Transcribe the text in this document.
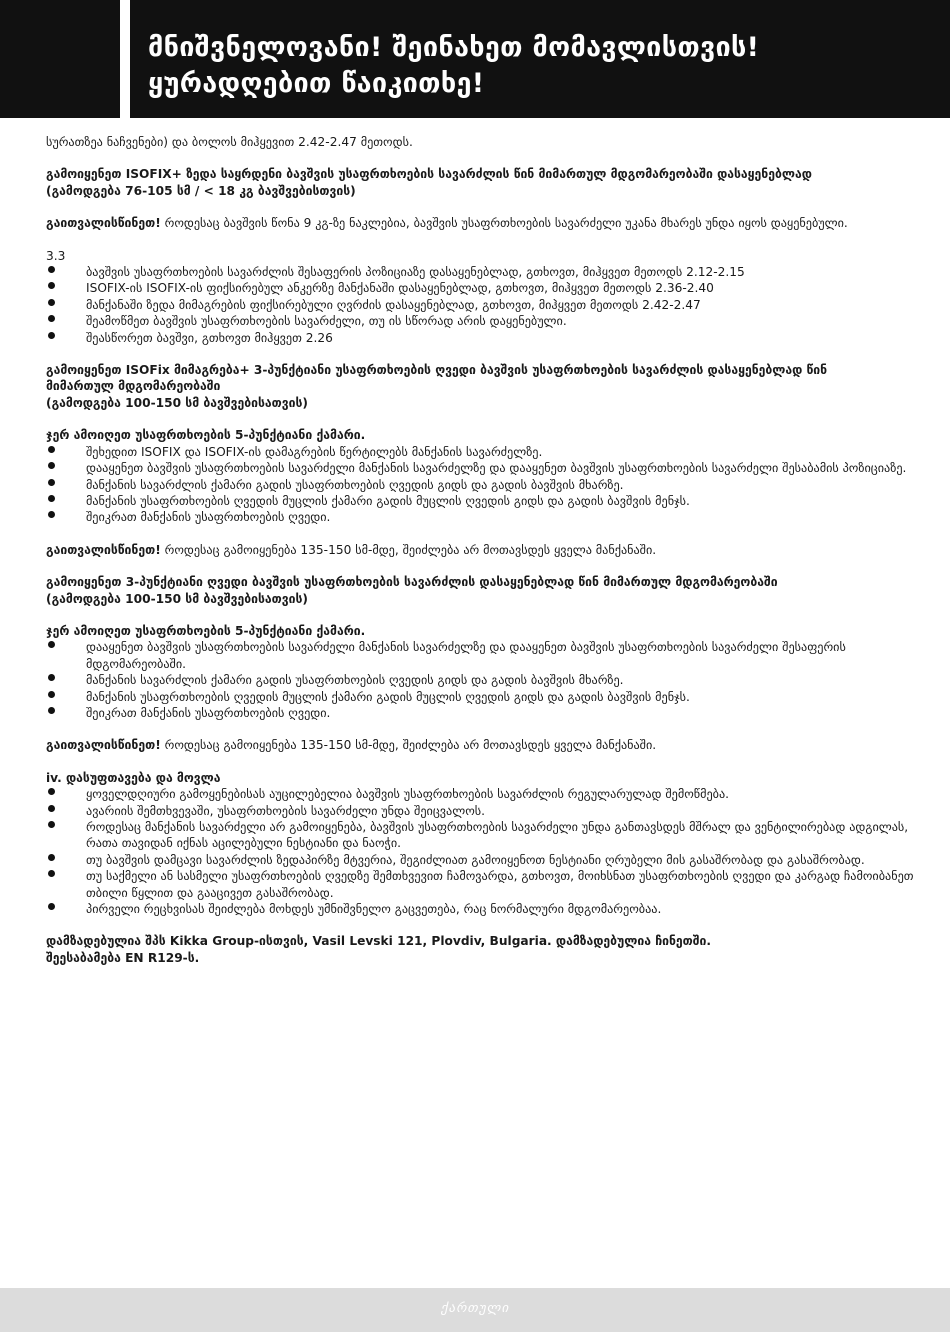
მნიშვნელოვანი! შეინახეთ მომავლისთვის!
ყურადღებით წაიკითხე!

სურათზეა ნაჩვენები) და ბოლოს მიჰყევით 2.42-2.47 მეთოდს.

გამოიყენეთ ISOFIX+ ზედა საყრდენი ბავშვის უსაფრთხოების სავარძლის წინ მიმართულ მდგომარეობაში დასაყენებლად
(გამოდგება 76-105 სმ / < 18 კგ ბავშვებისთვის)

გაითვალისწინეთ! როდესაც ბავშვის წონა 9 კგ-ზე ნაკლებია, ბავშვის უსაფრთხოების სავარძელი უკანა მხარეს უნდა იყოს დაყენებული.

3.3

ბავშვის უსაფრთხოების სავარძლის შესაფერის პოზიციაზე დასაყენებლად, გთხოვთ, მიჰყვეთ მეთოდს 2.12-2.15
ISOFIX-ის ISOFIX-ის ფიქსირებულ ანკერზე მანქანაში დასაყენებლად, გთხოვთ, მიჰყვეთ მეთოდს 2.36-2.40
მანქანაში ზედა მიმაგრების ფიქსირებული ღვრძის დასაყენებლად, გთხოვთ, მიჰყვეთ მეთოდს 2.42-2.47
შეამოწმეთ ბავშვის უსაფრთხოების სავარძელი, თუ ის სწორად არის დაყენებული.
შეასწორეთ ბავშვი, გთხოვთ მიჰყვეთ 2.26

გამოიყენეთ ISOFix მიმაგრება+ 3-პუნქტიანი უსაფრთხოების ღვედი ბავშვის უსაფრთხოების სავარძლის დასაყენებლად წინ
მიმართულ მდგომარეობაში
(გამოდგება 100-150 სმ ბავშვებისათვის)

ჯერ ამოიღეთ უსაფრთხოების 5-პუნქტიანი ქამარი.

შეხედით ISOFIX და ISOFIX-ის დამაგრების წერტილებს მანქანის სავარძელზე.
დააყენეთ ბავშვის უსაფრთხოების სავარძელი მანქანის სავარძელზე და დააყენეთ ბავშვის უსაფრთხოების სავარძელი შესაბამის პოზიციაზე.
მანქანის სავარძლის ქამარი გადის უსაფრთხოების ღვედის გიდს და გადის ბავშვის მხარზე.
მანქანის უსაფრთხოების ღვედის მუცლის ქამარი გადის მუცლის ღვედის გიდს და გადის ბავშვის მენჯს.
შეიკრათ მანქანის უსაფრთხოების ღვედი.

გაითვალისწინეთ! როდესაც გამოიყენება 135-150 სმ-მდე, შეიძლება არ მოთავსდეს ყველა მანქანაში.

გამოიყენეთ 3-პუნქტიანი ღვედი ბავშვის უსაფრთხოების სავარძლის დასაყენებლად წინ მიმართულ მდგომარეობაში
(გამოდგება 100-150 სმ ბავშვებისათვის)

ჯერ ამოიღეთ უსაფრთხოების 5-პუნქტიანი ქამარი.

დააყენეთ ბავშვის უსაფრთხოების სავარძელი მანქანის სავარძელზე და დააყენეთ ბავშვის უსაფრთხოების სავარძელი შესაფერის მდგომარეობაში.
მანქანის სავარძლის ქამარი გადის უსაფრთხოების ღვედის გიდს და გადის ბავშვის მხარზე.
მანქანის უსაფრთხოების ღვედის მუცლის ქამარი გადის მუცლის ღვედის გიდს და გადის ბავშვის მენჯს.
შეიკრათ მანქანის უსაფრთხოების ღვედი.

გაითვალისწინეთ! როდესაც გამოიყენება 135-150 სმ-მდე, შეიძლება არ მოთავსდეს ყველა მანქანაში.

iv. დასუფთავება და მოვლა

ყოველდღიური გამოყენებისას აუცილებელია ბავშვის უსაფრთხოების სავარძლის რეგულარულად შემოწმება.
ავარიის შემთხვევაში, უსაფრთხოების სავარძელი უნდა შეიცვალოს.
როდესაც მანქანის სავარძელი არ გამოიყენება, ბავშვის უსაფრთხოების სავარძელი უნდა განთავსდეს მშრალ და ვენტილირებად ადგილას, რათა თავიდან იქნას აცილებული ნესტიანი და ნაოჭი.
თუ ბავშვის დამცავი სავარძლის ზედაპირზე მტვერია, შეგიძლიათ გამოიყენოთ ნესტიანი ღრუბელი მის გასაშრობად და გასაშრობად.
თუ საქმელი ან სასმელი უსაფრთხოების ღვედზე შემთხვევით ჩამოვარდა, გთხოვთ, მოიხსნათ უსაფრთხოების ღვედი და კარგად ჩამოიბანეთ თბილი წყლით და გააცივეთ გასაშრობად.
პირველი რეცხვისას შეიძლება მოხდეს უმნიშვნელო გაცვეთება, რაც ნორმალური მდგომარეობაა.

დამზადებულია შპს Kikka Group-ისთვის, Vasil Levski 121, Plovdiv, Bulgaria. დამზადებულია ჩინეთში.
შეესაბამება EN R129-ს.

ქართული
